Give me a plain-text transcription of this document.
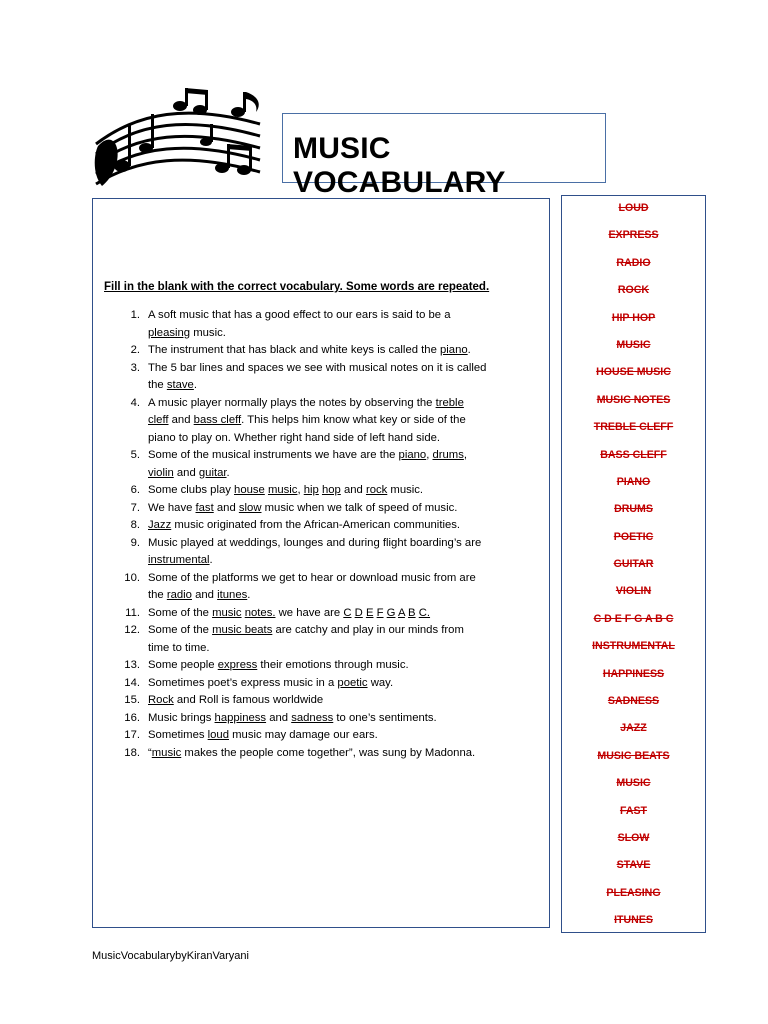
MUSIC VOCABULARY
Fill in the blank with the correct vocabulary. Some words are repeated.
1. A soft music that has a good effect to our ears is said to be a
pleasing music.
2. The instrument that has black and white keys is called the piano.
3. The 5 bar lines and spaces we see with musical notes on it is called
the stave.
4. A music player normally plays the notes by observing the treble
cleff and bass cleff. This helps him know what key or side of the
piano to play on. Whether right hand side of left hand side.
5. Some of the musical instruments we have are the piano, drums,
violin and guitar.
6. Some clubs play house music, hip hop and rock music.
7. We have fast and slow music when we talk of speed of music.
8. Jazz music originated from the African-American communities.
9. Music played at weddings, lounges and during flight boarding’s are
instrumental.
10. Some of the platforms we get to hear or download music from are
the radio and itunes.
11. Some of the music notes. we have are C D E F G A B C.
12. Some of the music beats are catchy and play in our minds from
time to time.
13. Some people express their emotions through music.
14. Sometimes poet’s express music in a poetic way.
15. Rock and Roll is famous worldwide
16. Music brings happiness and sadness to one’s sentiments.
17. Sometimes loud music may damage our ears.
18. “music makes the people come together”, was sung by Madonna.
LOUD
EXPRESS
RADIO
ROCK
HIP HOP
MUSIC
HOUSE MUSIC
MUSIC NOTES
TREBLE CLEFF
BASS CLEFF
PIANO
DRUMS
POETIC
GUITAR
VIOLIN
C D E F G A B C
INSTRUMENTAL
HAPPINESS
SADNESS
JAZZ
MUSIC BEATS
MUSIC
FAST
SLOW
STAVE
PLEASING
ITUNES
MusicVocabularybyKiranVaryani
